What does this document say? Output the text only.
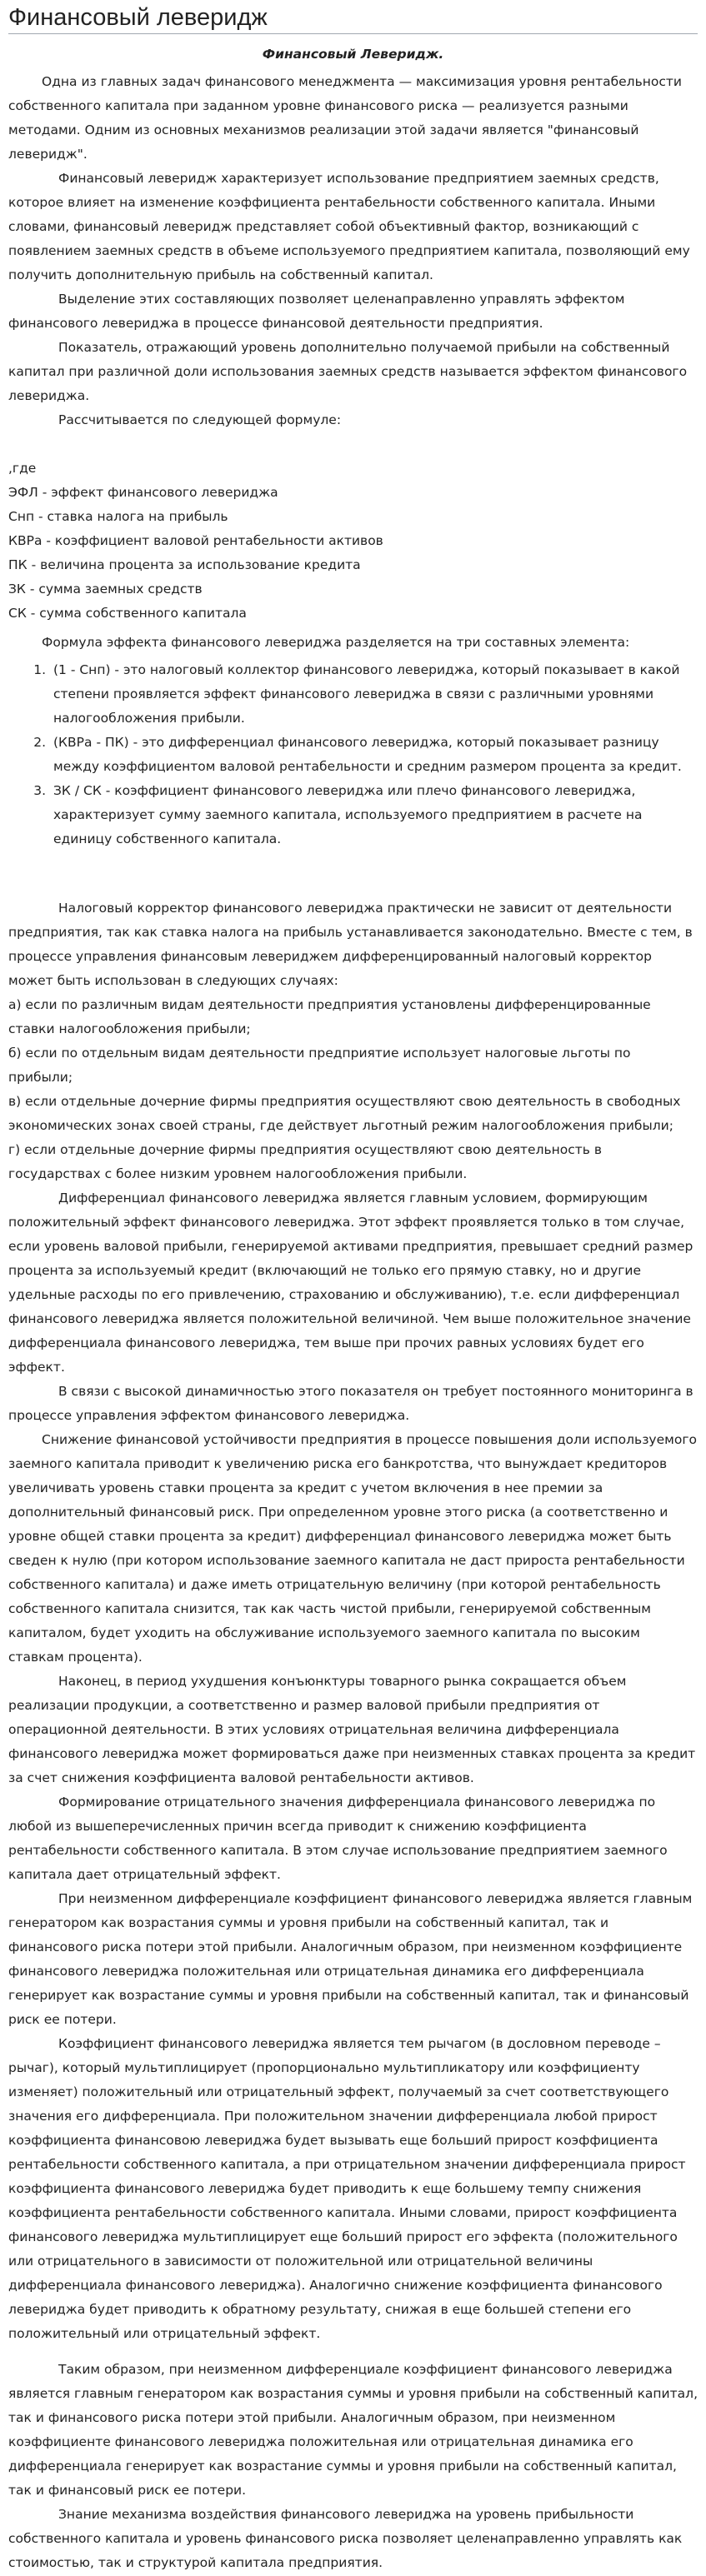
Финансовый леверидж
Финансовый Леверидж.

Одна из главных задач финансового менеджмента — максимизация уровня рентабельности собственного капитала при заданном уровне финансового риска — реализуется разными методами. Одним из основных механизмов реализации этой задачи является "финансовый леверидж".

Финансовый леверидж характеризует использование предприятием заемных средств, которое влияет на изменение коэффициента рентабельности собственного капитала. Иными словами, финансовый леверидж представляет собой объективный фактор, возникающий с появлением заемных средств в объеме используемого предприятием капитала, позволяющий ему получить дополнительную прибыль на собственный капитал.

Выделение этих составляющих позволяет целенаправленно управлять эффектом финансового левериджа в процессе финансовой деятельности предприятия.

Показатель, отражающий уровень дополнительно получаемой прибыли на собственный капитал при различной доли использования заемных средств называется эффектом финансового левериджа.

Рассчитывается по следующей формуле:

,где

ЭФЛ - эффект финансового левериджа

Снп - ставка налога на прибыль

КВРа - коэффициент валовой рентабельности активов

ПК - величина процента за использование кредита

ЗК - сумма заемных средств

СК - сумма собственного капитала

Формула эффекта финансового левериджа разделяется на три составных элемента:

1. (1 - Снп) - это налоговый коллектор финансового левериджа, который показывает в какой степени проявляется эффект финансового левериджа в связи с различными уровнями налогообложения прибыли.
2. (КВРа - ПК) - это дифференциал финансового левериджа, который показывает разницу между коэффициентом валовой рентабельности и средним размером процента за кредит.
3. ЗК / СК - коэффициент финансового левериджа или плечо финансового левериджа, характеризует сумму заемного капитала, используемого предприятием в расчете на единицу собственного капитала.

Налоговый корректор финансового левериджа практически не зависит от деятельности предприятия, так как ставка налога на прибыль устанавливается законодательно. Вместе с тем, в процессе управления финансовым левериджем дифференцированный налоговый корректор может быть использован в следующих случаях:

а) если по различным видам деятельности предприятия установлены дифференцированные ставки налогообложения прибыли;

б) если по отдельным видам деятельности предприятие использует налоговые льготы по прибыли;

в) если отдельные дочерние фирмы предприятия осуществляют свою деятельность в свободных экономических зонах своей страны, где действует льготный режим налогообложения прибыли;

г) если отдельные дочерние фирмы предприятия осуществляют свою деятельность в государствах с более низким уровнем налогообложения прибыли.

Дифференциал финансового левериджа является главным условием, формирующим положительный эффект финансового левериджа. Этот эффект проявляется только в том случае, если уровень валовой прибыли, генерируемой активами предприятия, превышает средний размер процента за используемый кредит (включающий не только его прямую ставку, но и другие удельные расходы по его привлечению, страхованию и обслуживанию), т.е. если дифференциал финансового левериджа является положительной величиной. Чем выше положительное значение дифференциала финансового левериджа, тем выше при прочих равных условиях будет его эффект.

В связи с высокой динамичностью этого показателя он требует постоянного мониторинга в процессе управления эффектом финансового левериджа.

Снижение финансовой устойчивости предприятия в процессе повышения доли используемого заемного капитала приводит к увеличению риска его банкротства, что вынуждает кредиторов увеличивать уровень ставки процента за кредит с учетом включения в нее премии за дополнительный финансовый риск. При определенном уровне этого риска (а соответственно и уровне общей ставки процента за кредит) дифференциал финансового левериджа может быть сведен к нулю (при котором использование заемного капитала не даст прироста рентабельности собственного капитала) и даже иметь отрицательную величину (при которой рентабельность собственного капитала снизится, так как часть чистой прибыли, генерируемой собственным капиталом, будет уходить на обслуживание используемого заемного капитала по высоким ставкам процента).

Наконец, в период ухудшения конъюнктуры товарного рынка сокращается объем реализации продукции, а соответственно и размер валовой прибыли предприятия от операционной деятельности. В этих условиях отрицательная величина дифференциала финансового левериджа может формироваться даже при неизменных ставках процента за кредит за счет снижения коэффициента валовой рентабельности активов.

Формирование отрицательного значения дифференциала финансового левериджа по любой из вышеперечисленных причин всегда приводит к снижению коэффициента рентабельности собственного капитала. В этом случае использование предприятием заемного капитала дает отрицательный эффект.

При неизменном дифференциале коэффициент финансового левериджа является главным генератором как возрастания суммы и уровня прибыли на собственный капитал, так и финансового риска потери этой прибыли. Аналогичным образом, при неизменном коэффициенте финансового левериджа положительная или отрицательная динамика его дифференциала генерирует как возрастание суммы и уровня прибыли на собственный капитал, так и финансовый риск ее потери.

Коэффициент финансового левериджа является тем рычагом (в дословном переводе – рычаг), который мультиплицирует (пропорционально мультипликатору или коэффициенту изменяет) положительный или отрицательный эффект, получаемый за счет соответствующего значения его дифференциала. При положительном значении дифференциала любой прирост коэффициента финансовою левериджа будет вызывать еще больший прирост коэффициента рентабельности собственного капитала, а при отрицательном значении дифференциала прирост коэффициента финансового левериджа будет приводить к еще большему темпу снижения коэффициента рентабельности собственного капитала. Иными словами, прирост коэффициента финансового левериджа мультиплицирует еще больший прирост его эффекта (положительного или отрицательного в зависимости от положительной или отрицательной величины дифференциала финансового левериджа). Аналогично снижение коэффициента финансового левериджа будет приводить к обратному результату, снижая в еще большей степени его положительный или отрицательный эффект.

Таким образом, при неизменном дифференциале коэффициент финансового левериджа является главным генератором как возрастания суммы и уровня прибыли на собственный капитал, так и финансового риска потери этой прибыли. Аналогичным образом, при неизменном коэффициенте финансового левериджа положительная или отрицательная динамика его дифференциала генерирует как возрастание суммы и уровня прибыли на собственный капитал, так и финансовый риск ее потери.

Знание механизма воздействия финансового левериджа на уровень прибыльности собственного капитала и уровень финансового риска позволяет целенаправленно управлять как стоимостью, так и структурой капитала предприятия.
